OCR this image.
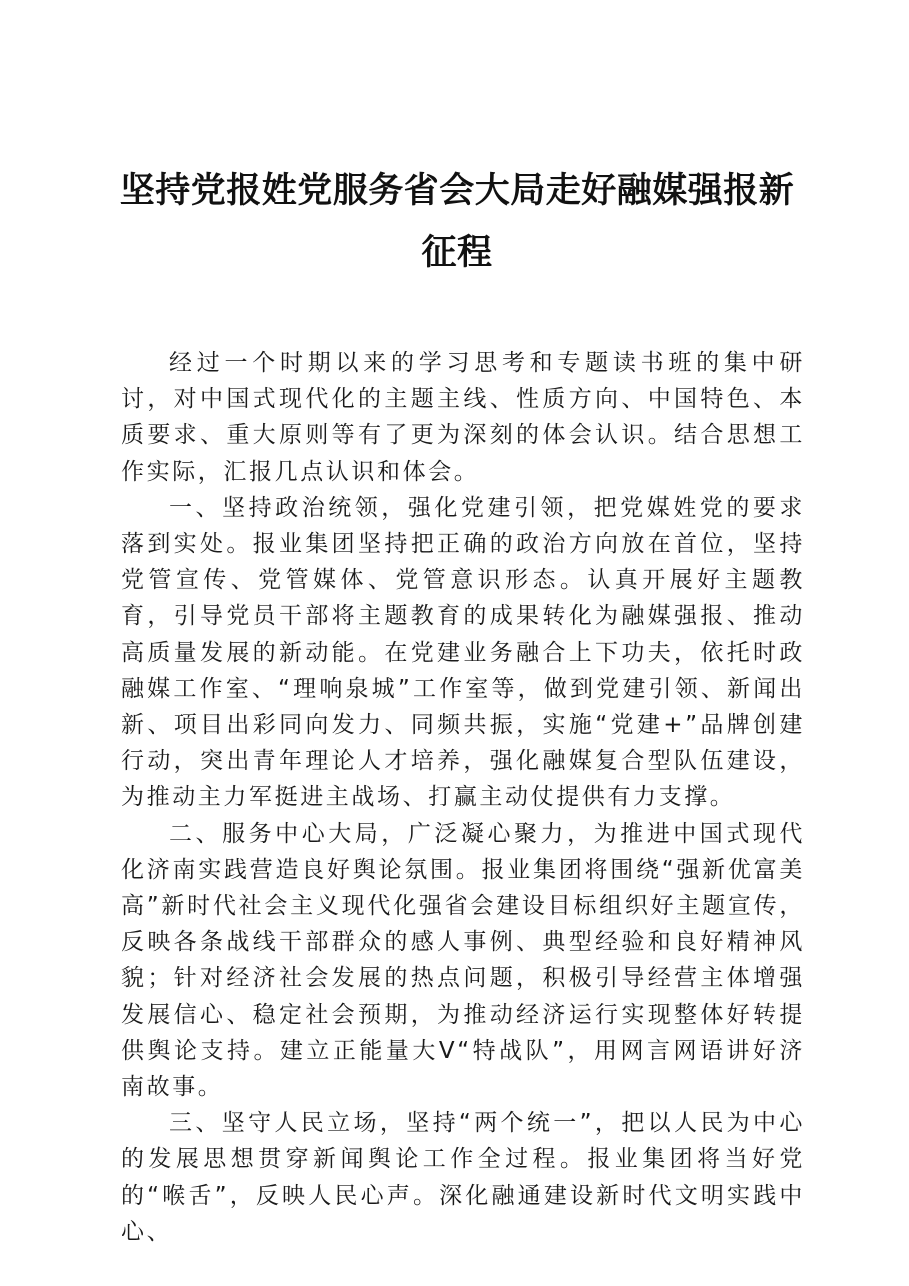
坚持党报姓党服务省会大局走好融媒强报新征程

经过一个时期以来的学习思考和专题读书班的集中研讨，对中国式现代化的主题主线、性质方向、中国特色、本质要求、重大原则等有了更为深刻的体会认识。结合思想工作实际，汇报几点认识和体会。

一、坚持政治统领，强化党建引领，把党媒姓党的要求落到实处。报业集团坚持把正确的政治方向放在首位，坚持党管宣传、党管媒体、党管意识形态。认真开展好主题教育，引导党员干部将主题教育的成果转化为融媒强报、推动高质量发展的新动能。在党建业务融合上下功夫，依托时政融媒工作室、“理响泉城”工作室等，做到党建引领、新闻出新、项目出彩同向发力、同频共振，实施“党建+”品牌创建行动，突出青年理论人才培养，强化融媒复合型队伍建设，为推动主力军挺进主战场、打赢主动仗提供有力支撑。

二、服务中心大局，广泛凝心聚力，为推进中国式现代化济南实践营造良好舆论氛围。报业集团将围绕“强新优富美高”新时代社会主义现代化强省会建设目标组织好主题宣传，反映各条战线干部群众的感人事例、典型经验和良好精神风貌；针对经济社会发展的热点问题，积极引导经营主体增强发展信心、稳定社会预期，为推动经济运行实现整体好转提供舆论支持。建立正能量大V“特战队”，用网言网语讲好济南故事。

三、坚守人民立场，坚持“两个统一”，把以人民为中心的发展思想贯穿新闻舆论工作全过程。报业集团将当好党的“喉舌”，反映人民心声。深化融通建设新时代文明实践中心、
